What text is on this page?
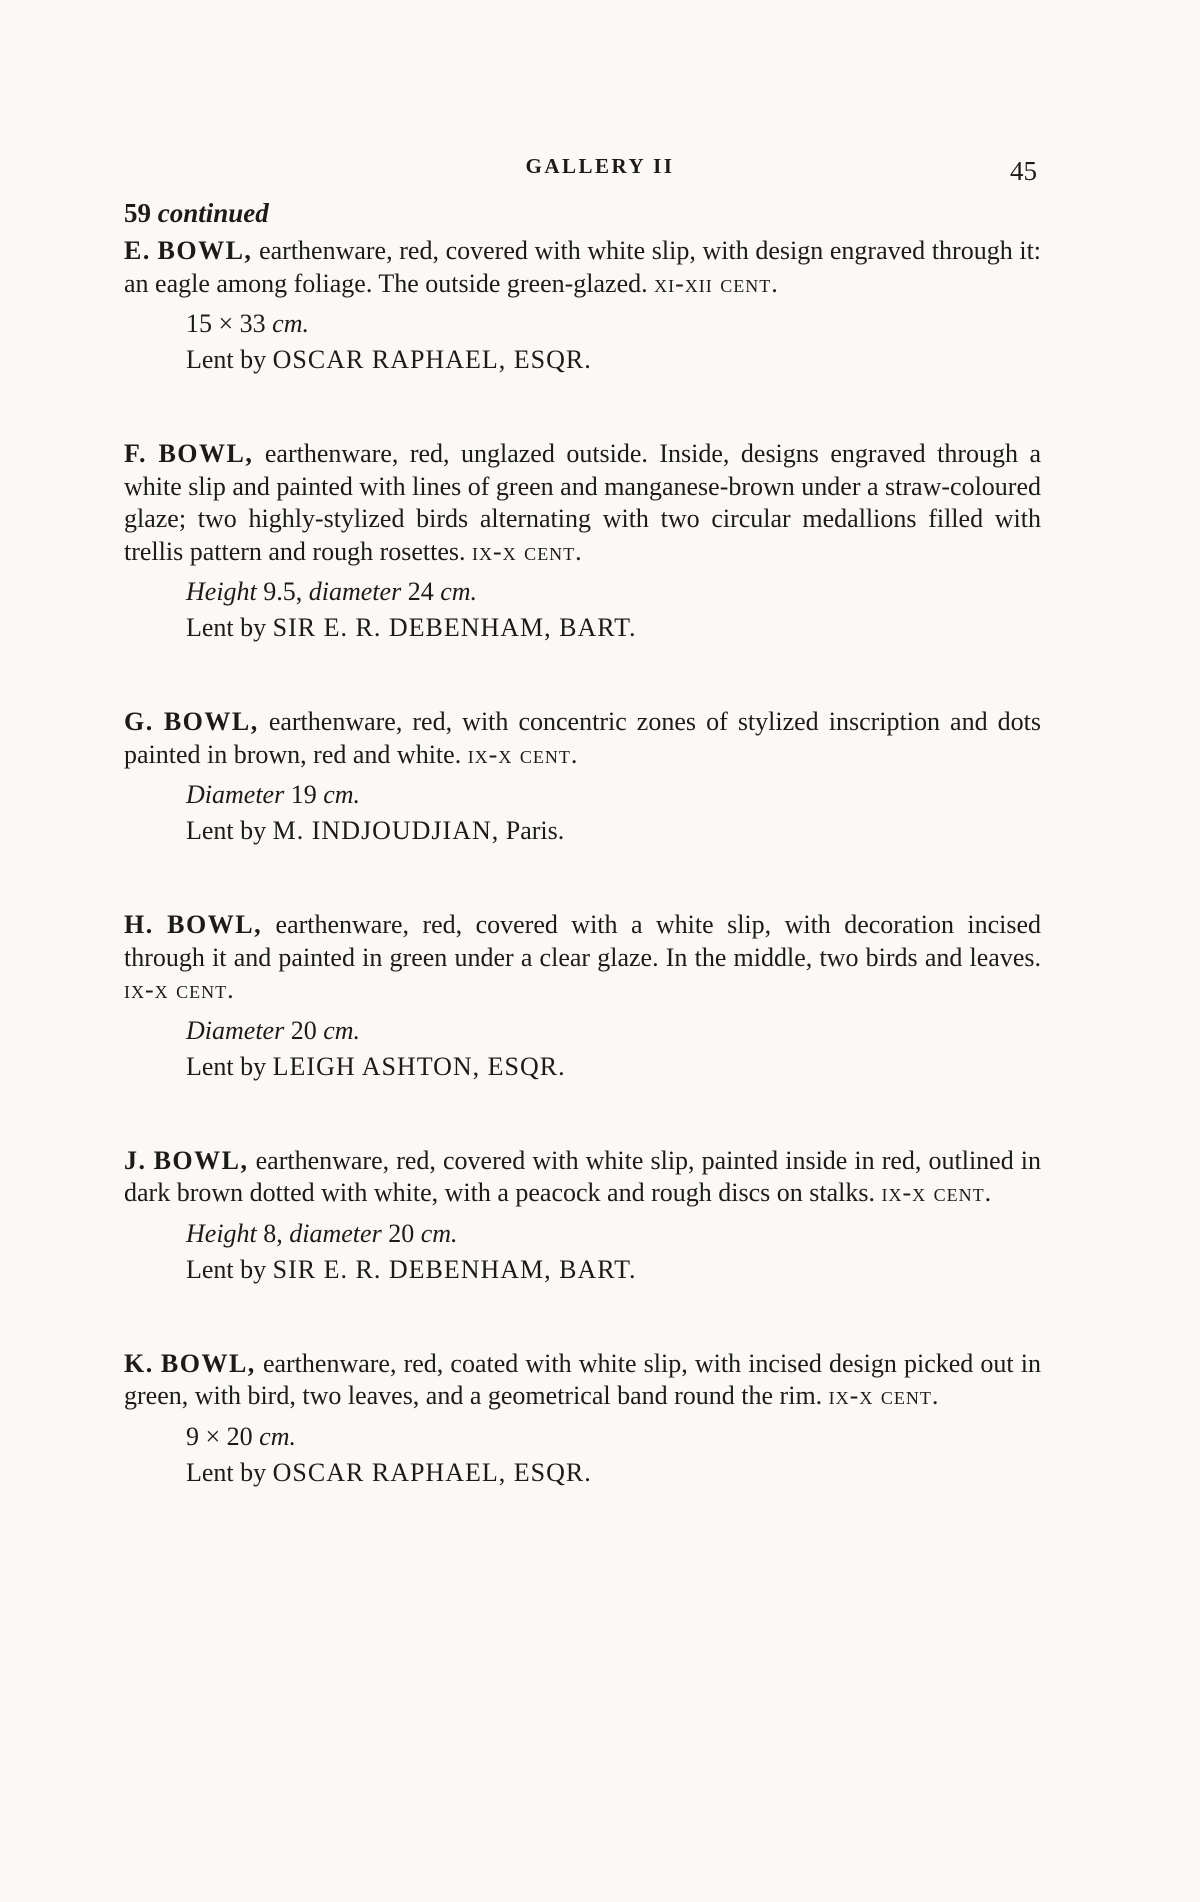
GALLERY II	45

59 continued

E. BOWL, earthenware, red, covered with white slip, with design engraved through it: an eagle among foliage. The outside green-glazed. xi-xii cent.

15 × 33 cm.

Lent by OSCAR RAPHAEL, ESQR.

F. BOWL, earthenware, red, unglazed outside. Inside, designs engraved through a white slip and painted with lines of green and manganese-brown under a straw-coloured glaze; two highly-stylized birds alternating with two circular medallions filled with trellis pattern and rough rosettes. ix-x cent.

Height 9.5, diameter 24 cm.

Lent by SIR E. R. DEBENHAM, BART.

G. BOWL, earthenware, red, with concentric zones of stylized inscription and dots painted in brown, red and white. ix-x cent.

Diameter 19 cm.

Lent by M. INDJOUDJIAN, Paris.

H. BOWL, earthenware, red, covered with a white slip, with decoration incised through it and painted in green under a clear glaze. In the middle, two birds and leaves. ix-x cent.

Diameter 20 cm.

Lent by LEIGH ASHTON, ESQR.

J. BOWL, earthenware, red, covered with white slip, painted inside in red, outlined in dark brown dotted with white, with a peacock and rough discs on stalks. ix-x cent.

Height 8, diameter 20 cm.

Lent by SIR E. R. DEBENHAM, BART.

K. BOWL, earthenware, red, coated with white slip, with incised design picked out in green, with bird, two leaves, and a geometrical band round the rim. ix-x cent.

9 × 20 cm.

Lent by OSCAR RAPHAEL, ESQR.
